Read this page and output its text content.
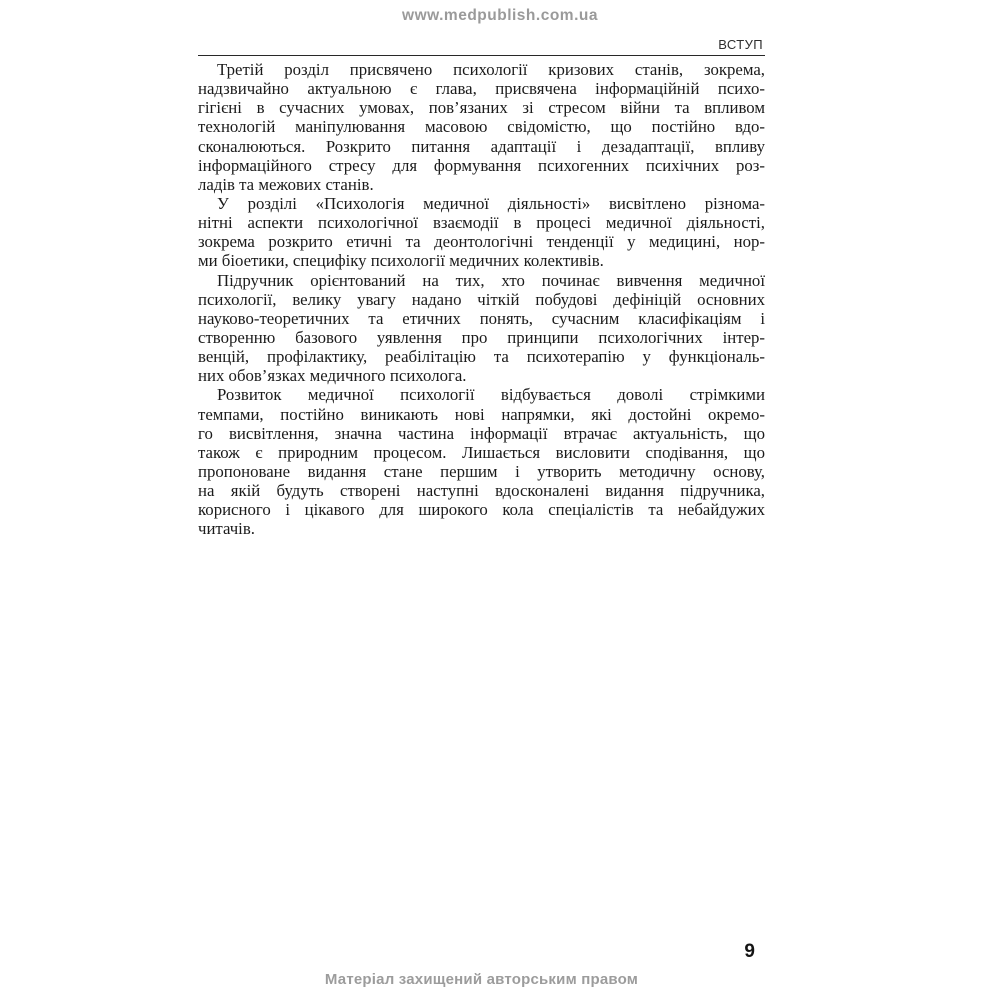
www.medpublish.com.ua
ВСТУП
Третій розділ присвячено психології кризових станів, зокрема,
надзвичайно актуальною є глава, присвячена інформаційній психо-
гігієні в сучасних умовах, пов’язаних зі стресом війни та впливом
технологій маніпулювання масовою свідомістю, що постійно вдо-
сконалюються. Розкрито питання адаптації і дезадаптації, впливу
інформаційного стресу для формування психогенних психічних роз-
ладів та межових станів.
У розділі «Психологія медичної діяльності» висвітлено різнома-
нітні аспекти психологічної взаємодії в процесі медичної діяльності,
зокрема розкрито етичні та деонтологічні тенденції у медицині, нор-
ми біоетики, специфіку психології медичних колективів.
Підручник орієнтований на тих, хто починає вивчення медичної
психології, велику увагу надано чіткій побудові дефініцій основних
науково-теоретичних та етичних понять, сучасним класифікаціям і
створенню базового уявлення про принципи психологічних інтер-
венцій, профілактику, реабілітацію та психотерапію у функціональ-
них обов’язках медичного психолога.
Розвиток медичної психології відбувається доволі стрімкими
темпами, постійно виникають нові напрямки, які достойні окремо-
го висвітлення, значна частина інформації втрачає актуальність, що
також є природним процесом. Лишається висловити сподівання, що
пропоноване видання стане першим і утворить методичну основу,
на якій будуть створені наступні вдосконалені видання підручника,
корисного і цікавого для широкого кола спеціалістів та небайдужих
читачів.
9
Матеріал захищений авторським правом
